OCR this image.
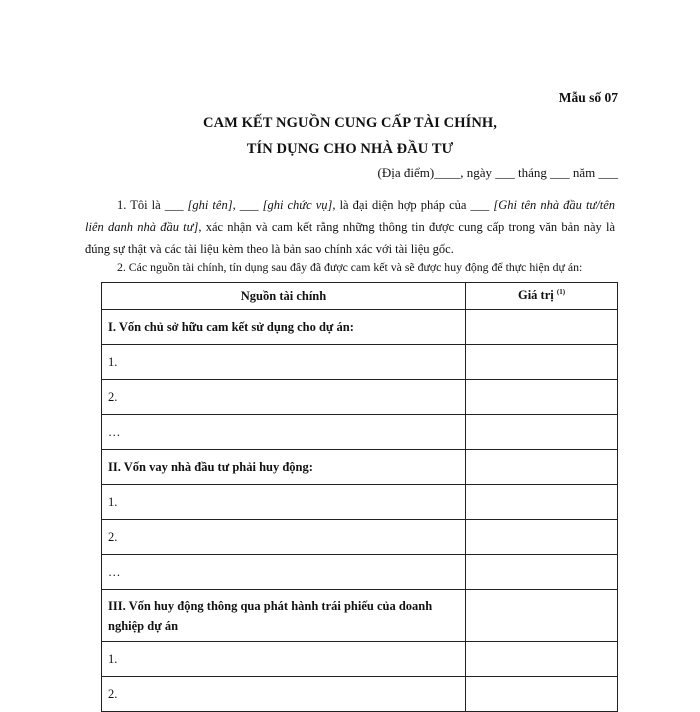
Mẫu số 07
CAM KẾT NGUỒN CUNG CẤP TÀI CHÍNH,
TÍN DỤNG CHO NHÀ ĐẦU TƯ
(Địa điểm)____, ngày ___ tháng ___ năm ___
1. Tôi là ___ [ghi tên], ___ [ghi chức vụ], là đại diện hợp pháp của ___ [Ghi tên nhà đầu tư/tên liên danh nhà đầu tư], xác nhận và cam kết rằng những thông tin được cung cấp trong văn bản này là đúng sự thật và các tài liệu kèm theo là bản sao chính xác với tài liệu gốc.
2. Các nguồn tài chính, tín dụng sau đây đã được cam kết và sẽ được huy động để thực hiện dự án:
Nguồn tài chính	Giá trị $^{(1)}$
I. Vốn chủ sở hữu cam kết sử dụng cho dự án:	
1.	
2.	
…	
II. Vốn vay nhà đầu tư phải huy động:	
1.	
2.	
…	
III. Vốn huy động thông qua phát hành trái phiếu của doanh nghiệp dự án	
1.	
2.	
